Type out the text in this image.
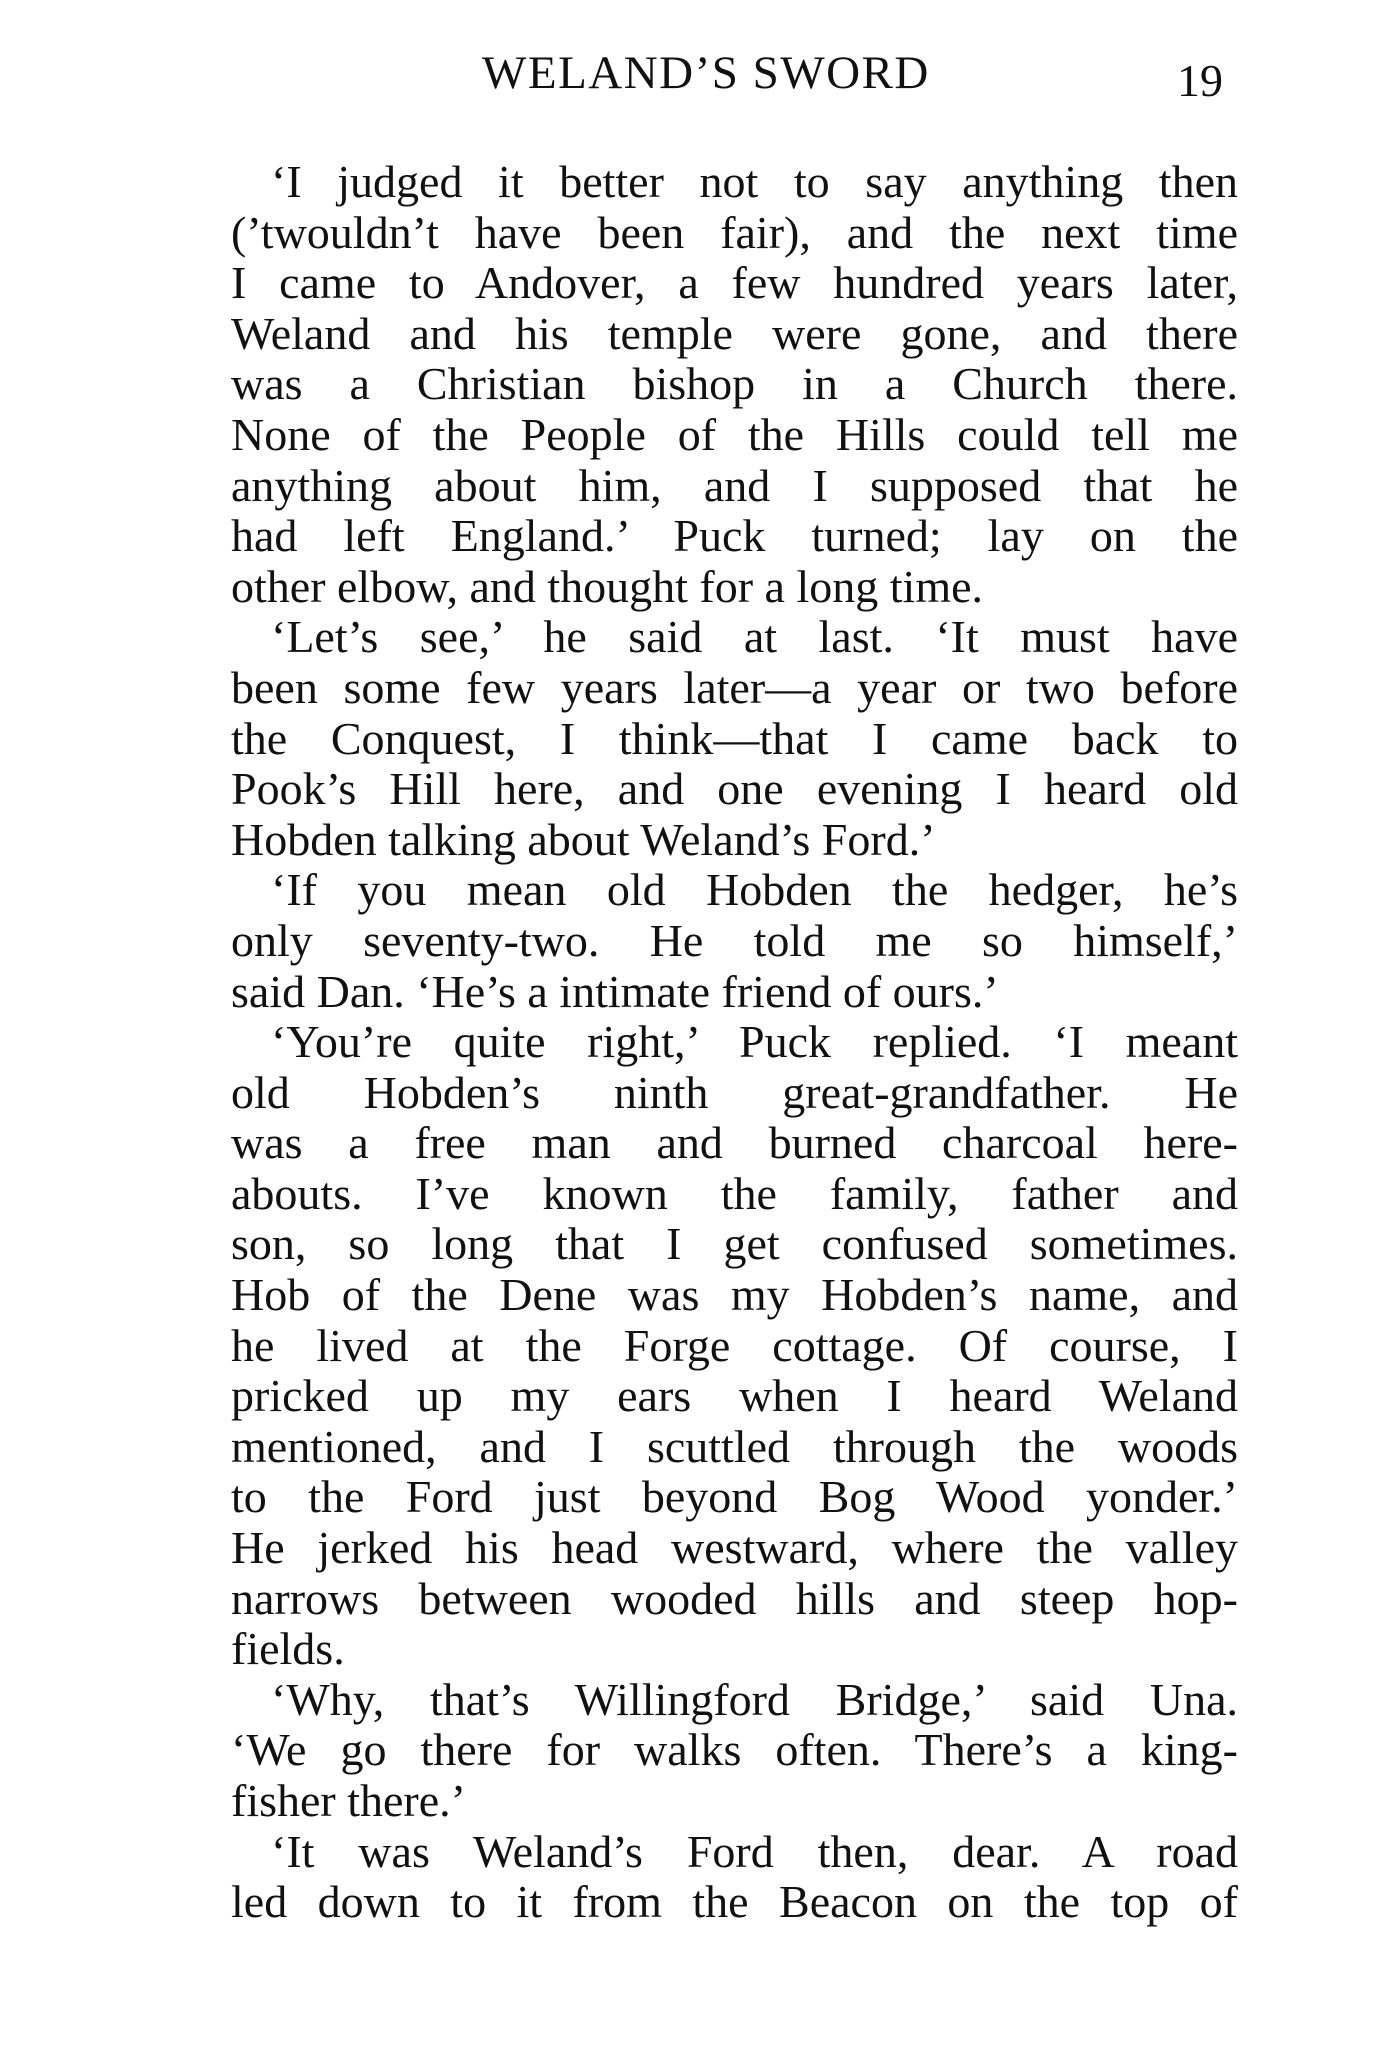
WELAND’S SWORD	19
‘I judged it better not to say anything then
(’twouldn’t have been fair), and the next time
I came to Andover, a few hundred years later,
Weland and his temple were gone, and there
was a Christian bishop in a Church there.
None of the People of the Hills could tell me
anything about him, and I supposed that he
had left England.’ Puck turned; lay on the
other elbow, and thought for a long time.
‘Let’s see,’ he said at last. ‘It must have
been some few years later—a year or two before
the Conquest, I think—that I came back to
Pook’s Hill here, and one evening I heard old
Hobden talking about Weland’s Ford.’
‘If you mean old Hobden the hedger, he’s
only seventy-two. He told me so himself,’
said Dan. ‘He’s a intimate friend of ours.’
‘You’re quite right,’ Puck replied. ‘I meant
old Hobden’s ninth great-grandfather. He
was a free man and burned charcoal here-
abouts. I’ve known the family, father and
son, so long that I get confused sometimes.
Hob of the Dene was my Hobden’s name, and
he lived at the Forge cottage. Of course, I
pricked up my ears when I heard Weland
mentioned, and I scuttled through the woods
to the Ford just beyond Bog Wood yonder.’
He jerked his head westward, where the valley
narrows between wooded hills and steep hop-
fields.
‘Why, that’s Willingford Bridge,’ said Una.
‘We go there for walks often. There’s a king-
fisher there.’
‘It was Weland’s Ford then, dear. A road
led down to it from the Beacon on the top of
